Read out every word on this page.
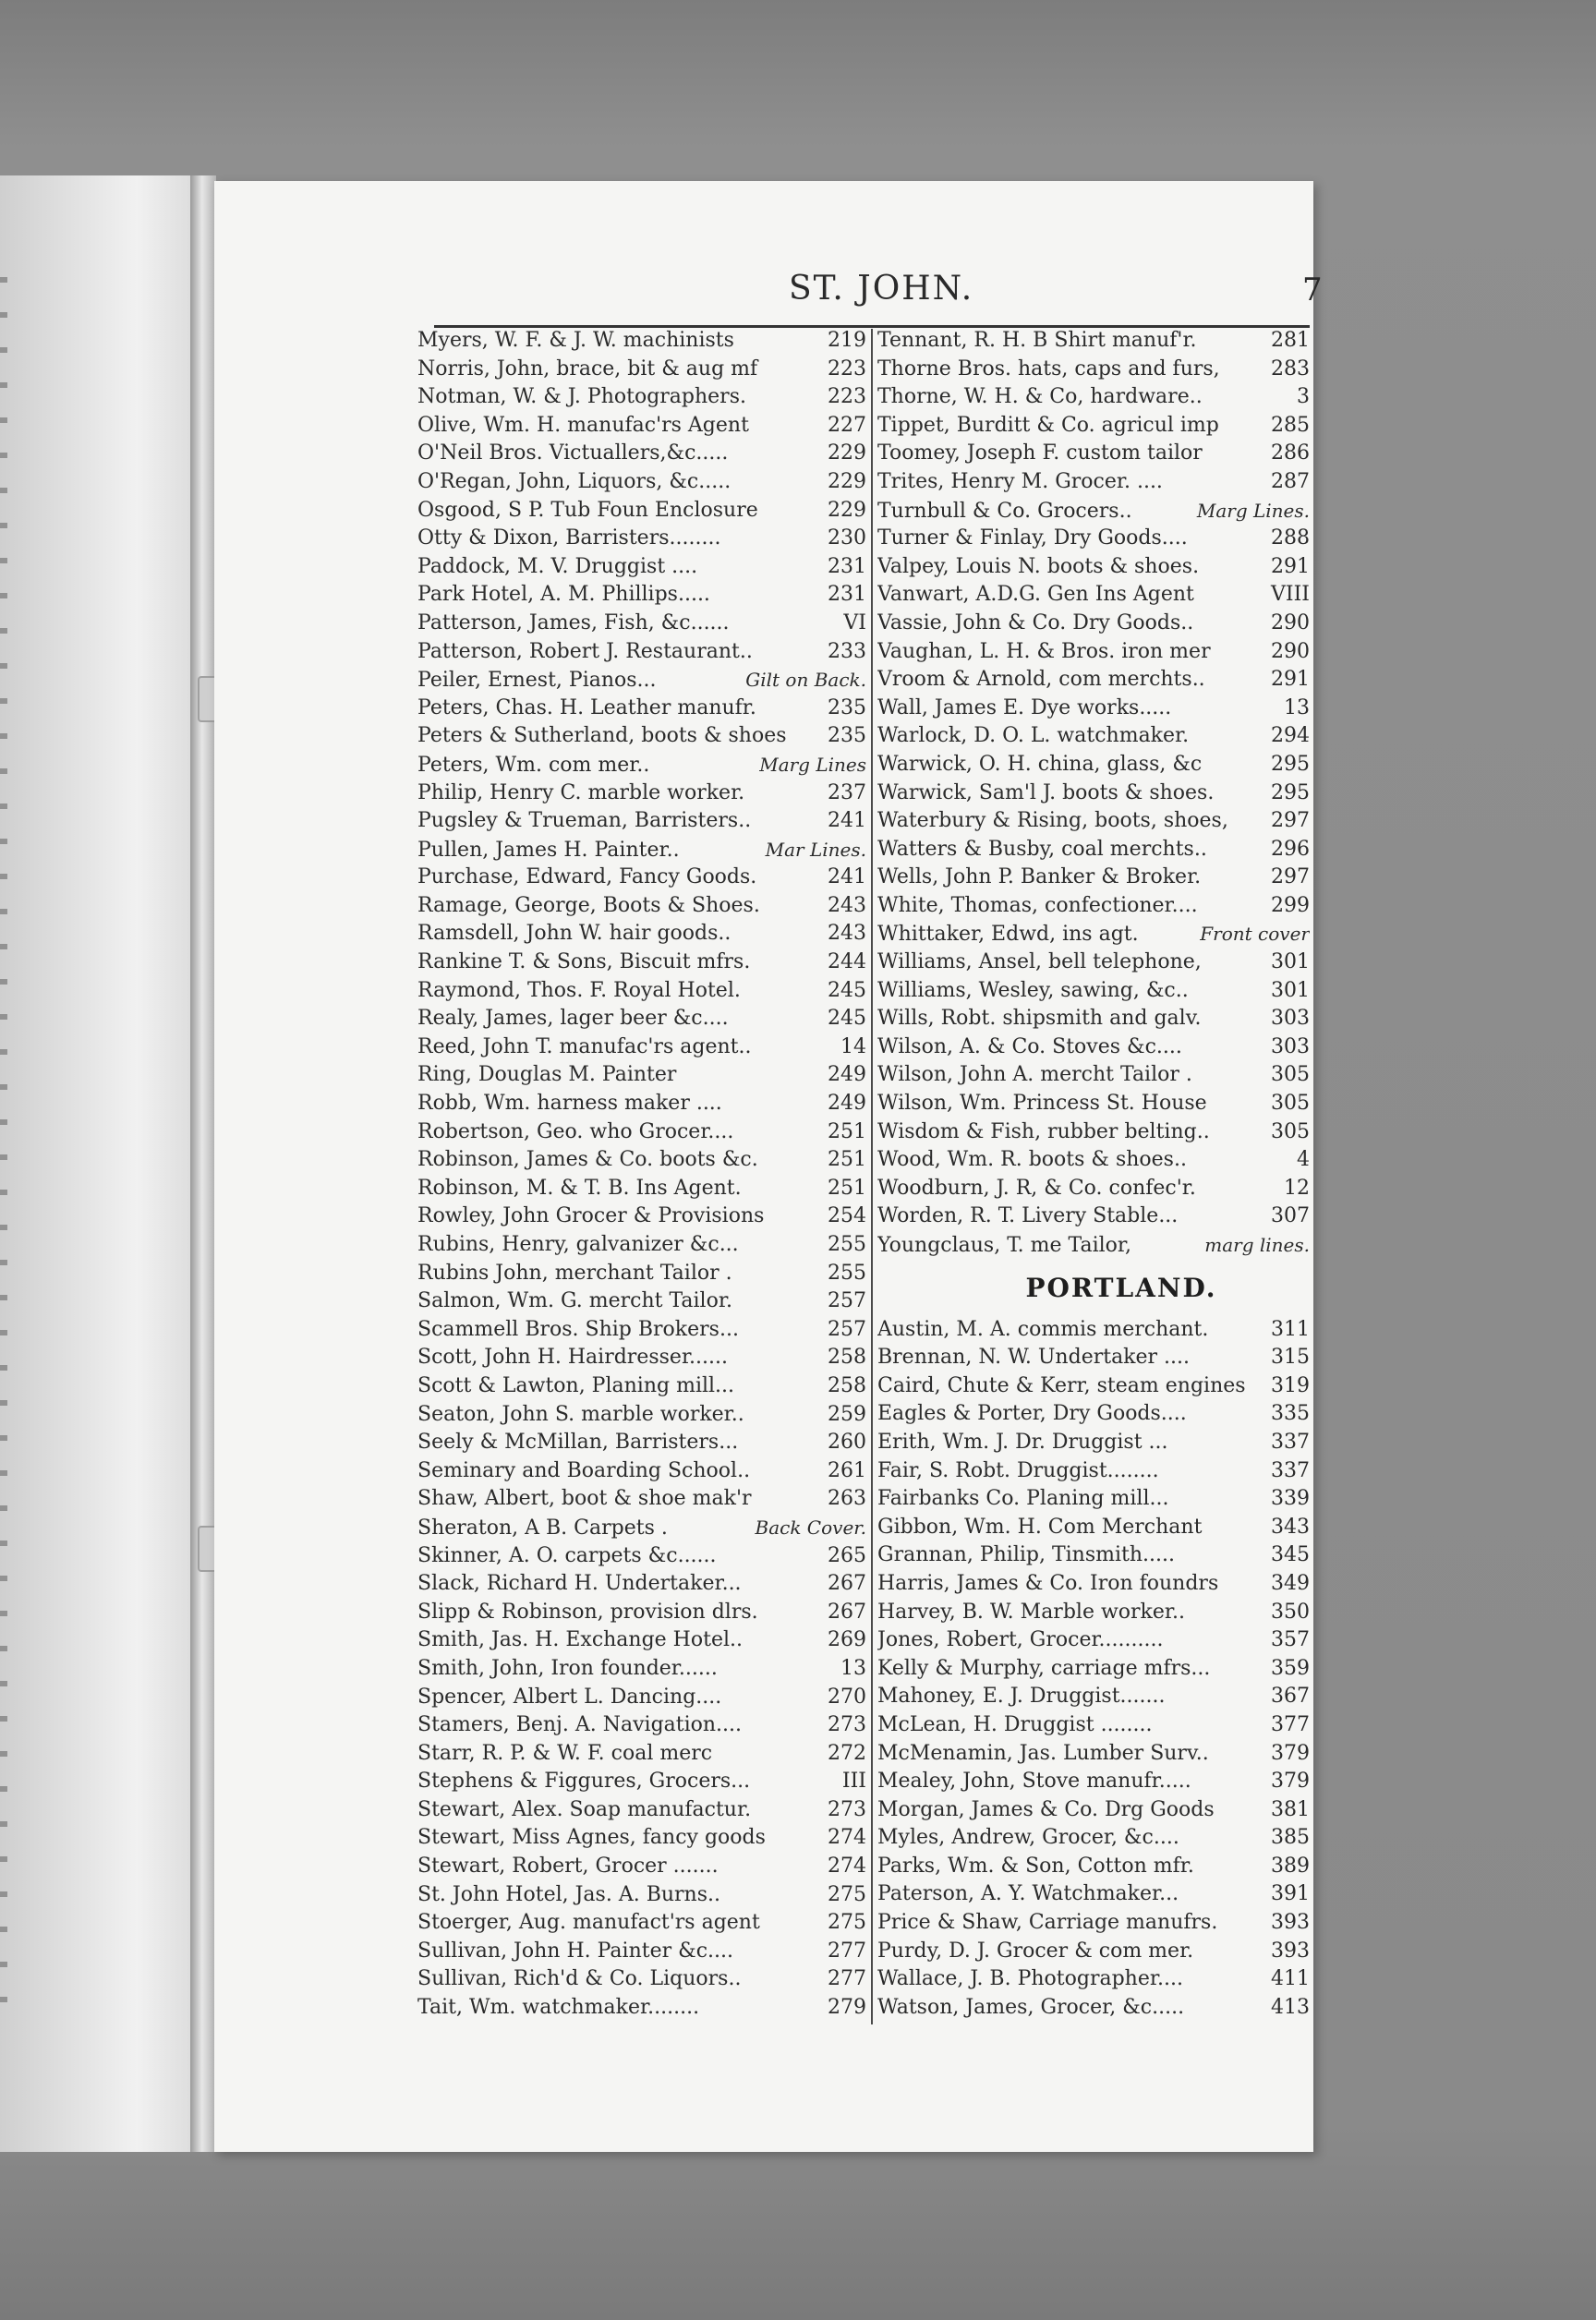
ST. JOHN.	7
Myers, W. F. & J. W. machinists	219
Norris, John, brace, bit & aug mf	223
Notman, W. & J. Photographers.	223
Olive, Wm. H. manufac'rs Agent	227
O'Neil Bros. Victuallers,&c.....	229
O'Regan, John, Liquors, &c.....	229
Osgood, S P. Tub Foun Enclosure	229
Otty & Dixon, Barristers........	230
Paddock, M. V. Druggist ....	231
Park Hotel, A. M. Phillips.....	231
Patterson, James, Fish, &c......	VI
Patterson, Robert J. Restaurant..	233
Peiler, Ernest, Pianos...	Gilt on Back.
Peters, Chas. H. Leather manufr.	235
Peters & Sutherland, boots & shoes	235
Peters, Wm. com mer..	Marg Lines
Philip, Henry C. marble worker.	237
Pugsley & Trueman, Barristers..	241
Pullen, James H. Painter..	Mar Lines.
Purchase, Edward, Fancy Goods.	241
Ramage, George, Boots & Shoes.	243
Ramsdell, John W. hair goods..	243
Rankine T. & Sons, Biscuit mfrs.	244
Raymond, Thos. F. Royal Hotel.	245
Realy, James, lager beer &c....	245
Reed, John T. manufac'rs agent..	14
Ring, Douglas M. Painter	249
Robb, Wm. harness maker ....	249
Robertson, Geo. who Grocer....	251
Robinson, James & Co. boots &c.	251
Robinson, M. & T. B. Ins Agent.	251
Rowley, John Grocer & Provisions	254
Rubins, Henry, galvanizer &c...	255
Rubins John, merchant Tailor .	255
Salmon, Wm. G. mercht Tailor.	257
Scammell Bros. Ship Brokers...	257
Scott, John H. Hairdresser......	258
Scott & Lawton, Planing mill...	258
Seaton, John S. marble worker..	259
Seely & McMillan, Barristers...	260
Seminary and Boarding School..	261
Shaw, Albert, boot & shoe mak'r	263
Sheraton, A B. Carpets .	Back Cover.
Skinner, A. O. carpets &c......	265
Slack, Richard H. Undertaker...	267
Slipp & Robinson, provision dlrs.	267
Smith, Jas. H. Exchange Hotel..	269
Smith, John, Iron founder......	13
Spencer, Albert L. Dancing....	270
Stamers, Benj. A. Navigation....	273
Starr, R. P. & W. F. coal merc	272
Stephens & Figgures, Grocers...	III
Stewart, Alex. Soap manufactur.	273
Stewart, Miss Agnes, fancy goods	274
Stewart, Robert, Grocer .......	274
St. John Hotel, Jas. A. Burns..	275
Stoerger, Aug. manufact'rs agent	275
Sullivan, John H. Painter &c....	277
Sullivan, Rich'd & Co. Liquors..	277
Tait, Wm. watchmaker........	279
Tennant, R. H. B Shirt manuf'r.	281
Thorne Bros. hats, caps and furs,	283
Thorne, W. H. & Co, hardware..	3
Tippet, Burditt & Co. agricul imp	285
Toomey, Joseph F. custom tailor	286
Trites, Henry M. Grocer. ....	287
Turnbull & Co. Grocers..	Marg Lines.
Turner & Finlay, Dry Goods....	288
Valpey, Louis N. boots & shoes.	291
Vanwart, A.D.G. Gen Ins Agent	VIII
Vassie, John & Co. Dry Goods..	290
Vaughan, L. H. & Bros. iron mer	290
Vroom & Arnold, com merchts..	291
Wall, James E. Dye works.....	13
Warlock, D. O. L. watchmaker.	294
Warwick, O. H. china, glass, &c	295
Warwick, Sam'l J. boots & shoes.	295
Waterbury & Rising, boots, shoes,	297
Watters & Busby, coal merchts..	296
Wells, John P. Banker & Broker.	297
White, Thomas, confectioner....	299
Whittaker, Edwd, ins agt.	Front cover
Williams, Ansel, bell telephone,	301
Williams, Wesley, sawing, &c..	301
Wills, Robt. shipsmith and galv.	303
Wilson, A. & Co. Stoves &c....	303
Wilson, John A. mercht Tailor .	305
Wilson, Wm. Princess St. House	305
Wisdom & Fish, rubber belting..	305
Wood, Wm. R. boots & shoes..	4
Woodburn, J. R, & Co. confec'r.	12
Worden, R. T. Livery Stable...	307
Youngclaus, T. me Tailor,	marg lines.
PORTLAND.
Austin, M. A. commis merchant.	311
Brennan, N. W. Undertaker ....	315
Caird, Chute & Kerr, steam engines	319
Eagles & Porter, Dry Goods....	335
Erith, Wm. J. Dr. Druggist ...	337
Fair, S. Robt. Druggist........	337
Fairbanks Co. Planing mill...	339
Gibbon, Wm. H. Com Merchant	343
Grannan, Philip, Tinsmith.....	345
Harris, James & Co. Iron foundrs	349
Harvey, B. W. Marble worker..	350
Jones, Robert, Grocer..........	357
Kelly & Murphy, carriage mfrs...	359
Mahoney, E. J. Druggist.......	367
McLean, H. Druggist ........	377
McMenamin, Jas. Lumber Surv..	379
Mealey, John, Stove manufr.....	379
Morgan, James & Co. Drg Goods	381
Myles, Andrew, Grocer, &c....	385
Parks, Wm. & Son, Cotton mfr.	389
Paterson, A. Y. Watchmaker...	391
Price & Shaw, Carriage manufrs.	393
Purdy, D. J. Grocer & com mer.	393
Wallace, J. B. Photographer....	411
Watson, James, Grocer, &c.....	413
